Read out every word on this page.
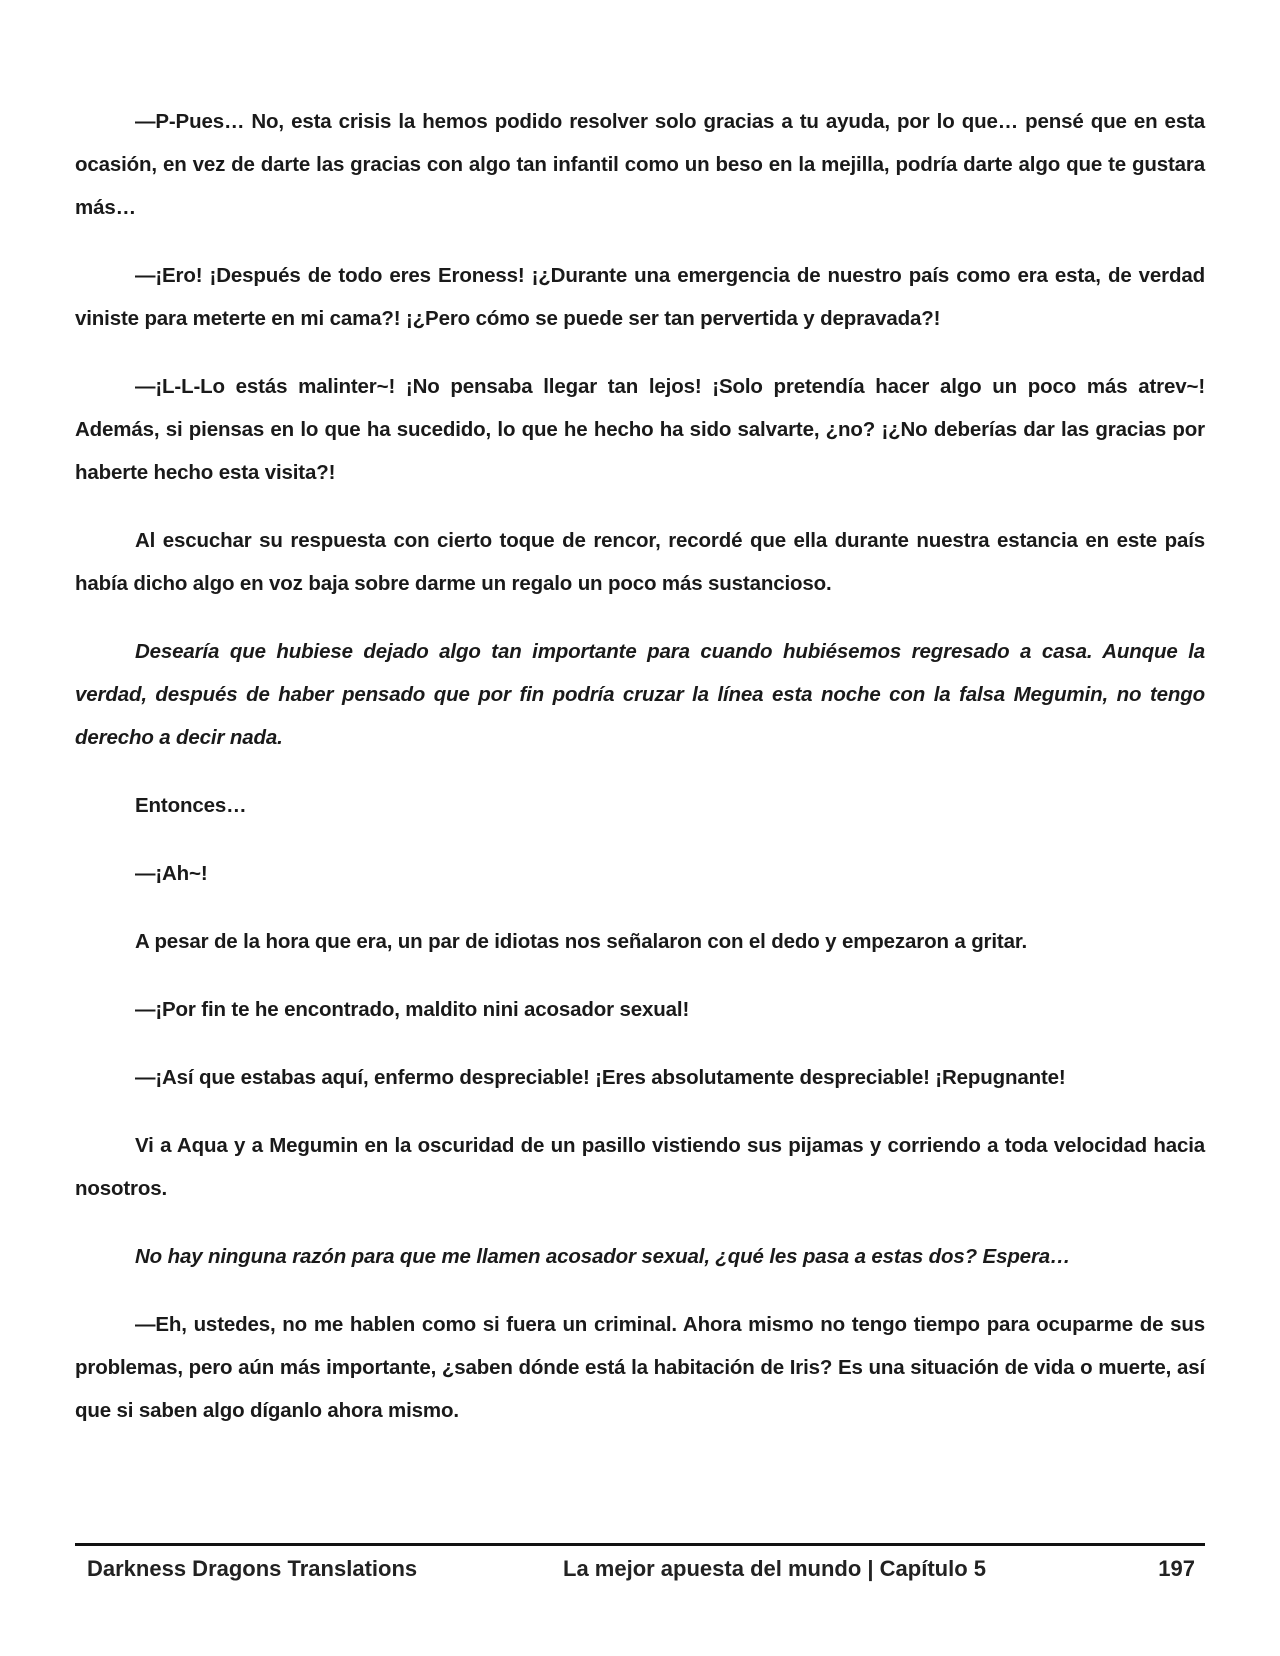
—P-Pues… No, esta crisis la hemos podido resolver solo gracias a tu ayuda, por lo que… pensé que en esta ocasión, en vez de darte las gracias con algo tan infantil como un beso en la mejilla, podría darte algo que te gustara más…

—¡Ero! ¡Después de todo eres Eroness! ¡¿Durante una emergencia de nuestro país como era esta, de verdad viniste para meterte en mi cama?! ¡¿Pero cómo se puede ser tan pervertida y depravada?!

—¡L-L-Lo estás malinter~! ¡No pensaba llegar tan lejos! ¡Solo pretendía hacer algo un poco más atrev~! Además, si piensas en lo que ha sucedido, lo que he hecho ha sido salvarte, ¿no? ¡¿No deberías dar las gracias por haberte hecho esta visita?!

Al escuchar su respuesta con cierto toque de rencor, recordé que ella durante nuestra estancia en este país había dicho algo en voz baja sobre darme un regalo un poco más sustancioso.

Desearía que hubiese dejado algo tan importante para cuando hubiésemos regresado a casa. Aunque la verdad, después de haber pensado que por fin podría cruzar la línea esta noche con la falsa Megumin, no tengo derecho a decir nada.

Entonces…

—¡Ah~!

A pesar de la hora que era, un par de idiotas nos señalaron con el dedo y empezaron a gritar.

—¡Por fin te he encontrado, maldito nini acosador sexual!

—¡Así que estabas aquí, enfermo despreciable! ¡Eres absolutamente despreciable! ¡Repugnante!

Vi a Aqua y a Megumin en la oscuridad de un pasillo vistiendo sus pijamas y corriendo a toda velocidad hacia nosotros.

No hay ninguna razón para que me llamen acosador sexual, ¿qué les pasa a estas dos? Espera…

—Eh, ustedes, no me hablen como si fuera un criminal. Ahora mismo no tengo tiempo para ocuparme de sus problemas, pero aún más importante, ¿saben dónde está la habitación de Iris? Es una situación de vida o muerte, así que si saben algo díganlo ahora mismo.

Darkness Dragons Translations	La mejor apuesta del mundo | Capítulo 5	197
